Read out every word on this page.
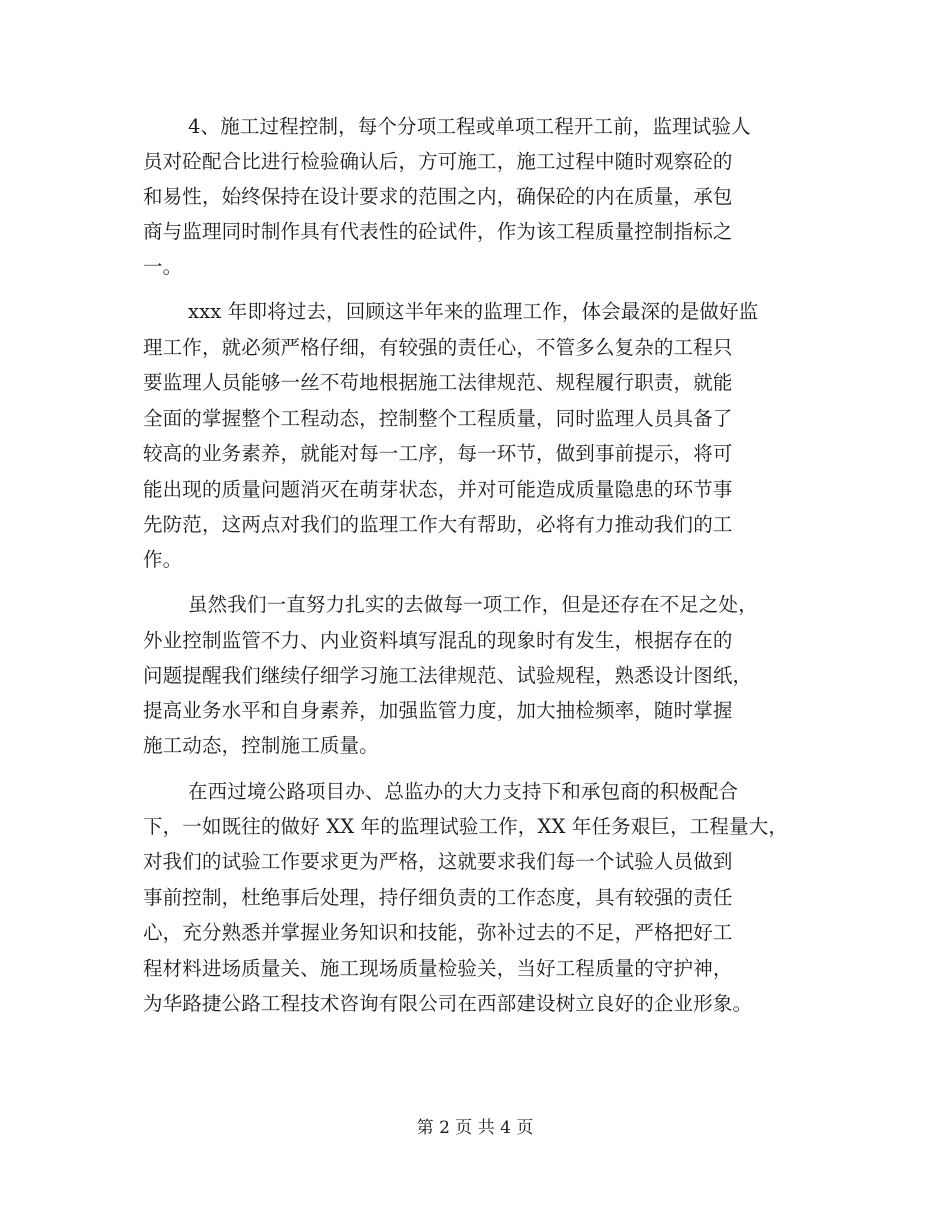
4、施工过程控制，每个分项工程或单项工程开工前，监理试验人
员对砼配合比进行检验确认后，方可施工，施工过程中随时观察砼的
和易性，始终保持在设计要求的范围之内，确保砼的内在质量，承包
商与监理同时制作具有代表性的砼试件，作为该工程质量控制指标之
一。
xxx 年即将过去，回顾这半年来的监理工作，体会最深的是做好监
理工作，就必须严格仔细，有较强的责任心，不管多么复杂的工程只
要监理人员能够一丝不苟地根据施工法律规范、规程履行职责，就能
全面的掌握整个工程动态，控制整个工程质量，同时监理人员具备了
较高的业务素养，就能对每一工序，每一环节，做到事前提示，将可
能出现的质量问题消灭在萌芽状态，并对可能造成质量隐患的环节事
先防范，这两点对我们的监理工作大有帮助，必将有力推动我们的工
作。
虽然我们一直努力扎实的去做每一项工作，但是还存在不足之处，
外业控制监管不力、内业资料填写混乱的现象时有发生，根据存在的
问题提醒我们继续仔细学习施工法律规范、试验规程，熟悉设计图纸，
提高业务水平和自身素养，加强监管力度，加大抽检频率，随时掌握
施工动态，控制施工质量。
在西过境公路项目办、总监办的大力支持下和承包商的积极配合
下，一如既往的做好 XX 年的监理试验工作，XX 年任务艰巨，工程量大，
对我们的试验工作要求更为严格，这就要求我们每一个试验人员做到
事前控制，杜绝事后处理，持仔细负责的工作态度，具有较强的责任
心，充分熟悉并掌握业务知识和技能，弥补过去的不足，严格把好工
程材料进场质量关、施工现场质量检验关，当好工程质量的守护神，
为华路捷公路工程技术咨询有限公司在西部建设树立良好的企业形象。
第 2 页 共 4 页
